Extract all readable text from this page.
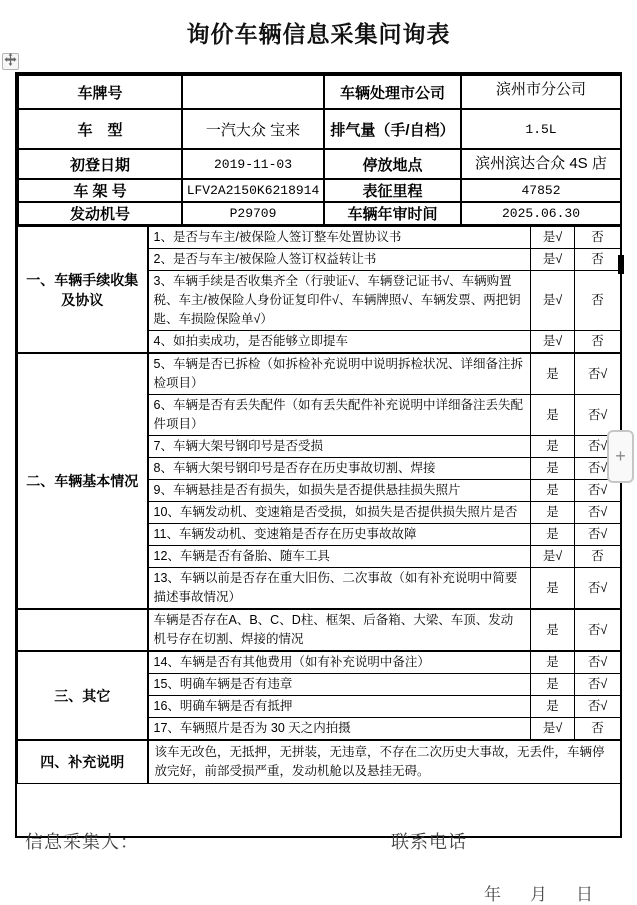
询价车辆信息采集问询表
车牌号		车辆处理市公司	滨州市分公司
车　型	一汽大众 宝来	排气量（手/自档）	1.5L
初登日期	2019-11-03	停放地点	滨州滨达合众 4S 店
车 架 号	LFV2A2150K6218914	表征里程	47852
发动机号	P29709	车辆年审时间	2025.06.30
一、车辆手续收集及协议	1、是否与车主/被保险人签订整车处置协议书	是√	否
	2、是否与车主/被保险人签订权益转让书	是√	否
	3、车辆手续是否收集齐全（行驶证√、车辆登记证书√、车辆购置税、车主/被保险人身份证复印件√、车辆牌照√、车辆发票、两把钥匙、车损险保险单√）	是√	否
	4、如拍卖成功，是否能够立即提车	是√	否
二、车辆基本情况	5、车辆是否已拆检（如拆检补充说明中说明拆检状况、详细备注拆检项目）	是	否√
	6、车辆是否有丢失配件（如有丢失配件补充说明中详细备注丢失配件项目）	是	否√
	7、车辆大架号钢印号是否受损	是	否√
	8、车辆大架号钢印号是否存在历史事故切割、焊接	是	否√
	9、车辆悬挂是否有损失，如损失是否提供悬挂损失照片	是	否√
	10、车辆发动机、变速箱是否受损，如损失是否提供损失照片是否	是	否√
	11、车辆发动机、变速箱是否存在历史事故故障	是	否√
	12、车辆是否有备胎、随车工具	是√	否
	13、车辆以前是否存在重大旧伤、二次事故（如有补充说明中简要描述事故情况）	是	否√
	车辆是否存在A、B、C、D柱、框架、后备箱、大梁、车顶、发动机号存在切割、焊接的情况	是	否√
三、其它	14、车辆是否有其他费用（如有补充说明中备注）	是	否√
	15、明确车辆是否有违章	是	否√
	16、明确车辆是否有抵押	是	否√
	17、车辆照片是否为 30 天之内拍摄	是√	否
四、补充说明	该车无改色，无抵押，无拼装，无违章，不存在二次历史大事故，无丢件，车辆停放完好，前部受损严重，发动机舱以及悬挂无碍。		
信息采集人：	联系电话
年月日
+
